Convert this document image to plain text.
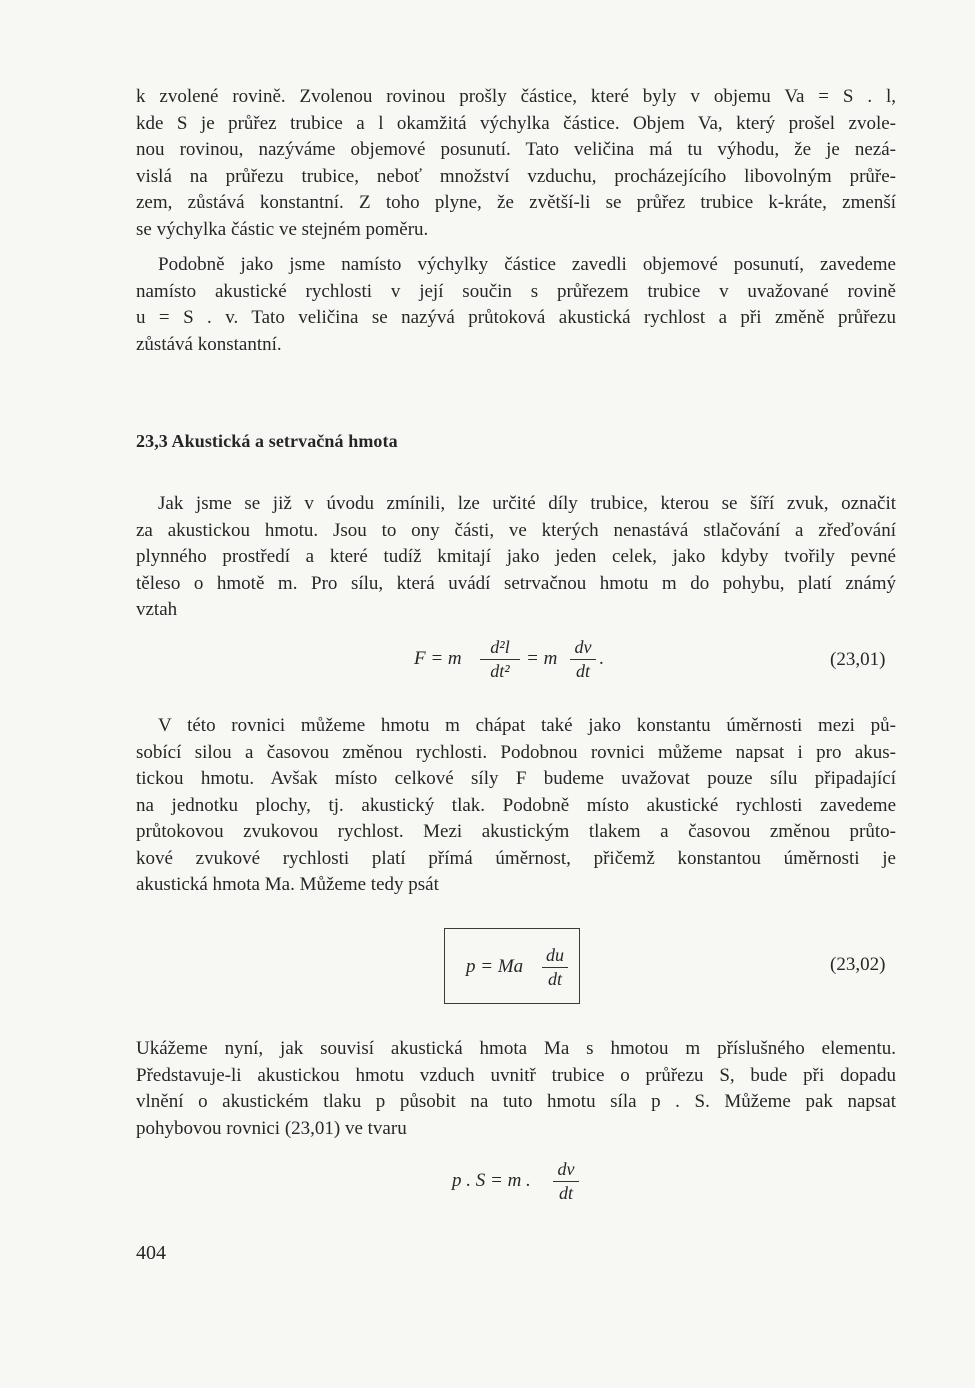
k zvolené rovině. Zvolenou rovinou prošly částice, které byly v objemu Va = S . l,
kde S je průřez trubice a l okamžitá výchylka částice. Objem Va, který prošel zvole-
nou rovinou, nazýváme objemové posunutí. Tato veličina má tu výhodu, že je nezá-
vislá na průřezu trubice, neboť množství vzduchu, procházejícího libovolným průře-
zem, zůstává konstantní. Z toho plyne, že zvětší-li se průřez trubice k-kráte, zmenší
se výchylka částic ve stejném poměru.
Podobně jako jsme namísto výchylky částice zavedli objemové posunutí, zavedeme
namísto akustické rychlosti v její součin s průřezem trubice v uvažované rovině
u = S . v. Tato veličina se nazývá průtoková akustická rychlost a při změně průřezu
zůstává konstantní.
23,3 Akustická a setrvačná hmota
Jak jsme se již v úvodu zmínili, lze určité díly trubice, kterou se šíří zvuk, označit
za akustickou hmotu. Jsou to ony části, ve kterých nenastává stlačování a zřeďování
plynného prostředí a které tudíž kmitají jako jeden celek, jako kdyby tvořily pevné
těleso o hmotě m. Pro sílu, která uvádí setrvačnou hmotu m do pohybu, platí známý
vztah
F = m
d²l
dt²
= m
dv
dt
.	(23,01)
V této rovnici můžeme hmotu m chápat také jako konstantu úměrnosti mezi pů-
sobící silou a časovou změnou rychlosti. Podobnou rovnici můžeme napsat i pro akus-
tickou hmotu. Avšak místo celkové síly F budeme uvažovat pouze sílu připadající
na jednotku plochy, tj. akustický tlak. Podobně místo akustické rychlosti zavedeme
průtokovou zvukovou rychlost. Mezi akustickým tlakem a časovou změnou průto-
kové zvukové rychlosti platí přímá úměrnost, přičemž konstantou úměrnosti je
akustická hmota Ma. Můžeme tedy psát
p = Ma
du
dt
(23,02)
Ukážeme nyní, jak souvisí akustická hmota Ma s hmotou m příslušného elementu.
Představuje-li akustickou hmotu vzduch uvnitř trubice o průřezu S, bude při dopadu
vlnění o akustickém tlaku p působit na tuto hmotu síla p . S. Můžeme pak napsat
pohybovou rovnici (23,01) ve tvaru
p . S = m .
dv
dt
404
